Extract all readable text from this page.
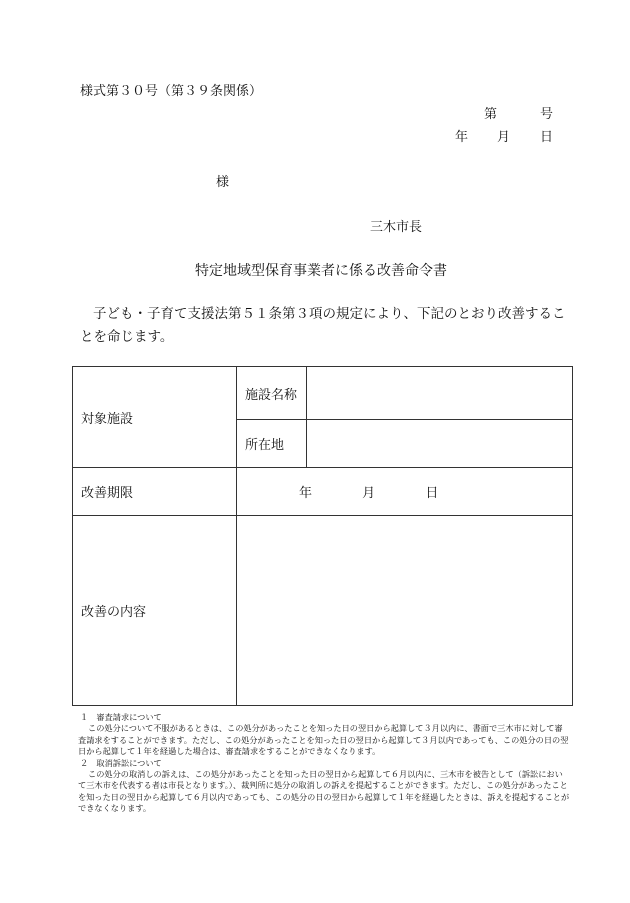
様式第３０号（第３９条関係）
第	号
年 月 日
様
三木市長
特定地域型保育事業者に係る改善命令書
子ども・子育て支援法第５１条第３項の規定により、下記のとおり改善することを命じます。
対象施設	施設名称	
	所在地	
改善期限	年 月 日	
改善の内容		
１　審査請求について
この処分について不服があるときは、この処分があったことを知った日の翌日から起算して３月以内に、書面で三木市に対して審査請求をすることができます。ただし、この処分があったことを知った日の翌日から起算して３月以内であっても、この処分の日の翌日から起算して１年を経過した場合は、審査請求をすることができなくなります。
２　取消訴訟について
この処分の取消しの訴えは、この処分があったことを知った日の翌日から起算して６月以内に、三木市を被告として（訴訟において三木市を代表する者は市長となります。）、裁判所に処分の取消しの訴えを提起することができます。ただし、この処分があったことを知った日の翌日から起算して６月以内であっても、この処分の日の翌日から起算して１年を経過したときは、訴えを提起することができなくなります。
